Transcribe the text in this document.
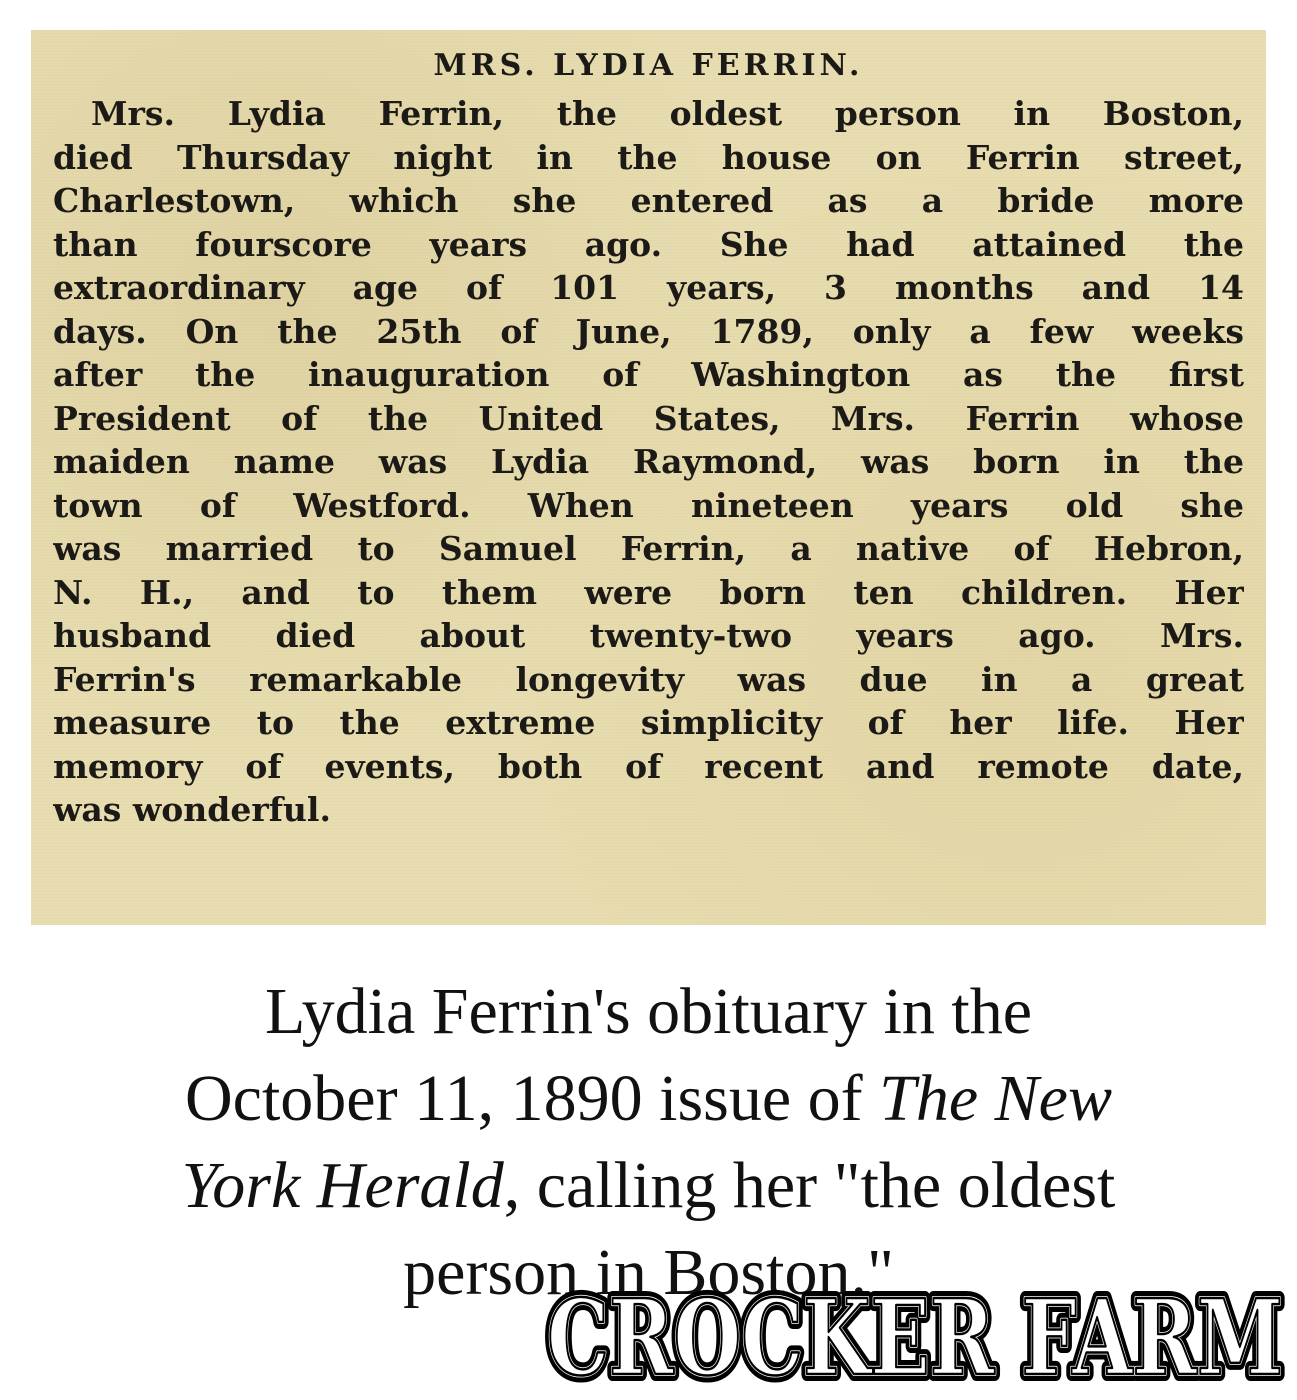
MRS. LYDIA FERRIN.
Mrs. Lydia Ferrin, the oldest person in Boston,
died Thursday night in the house on Ferrin street,
Charlestown, which she entered as a bride more
than fourscore years ago. She had attained the
extraordinary age of 101 years, 3 months and 14
days. On the 25th of June, 1789, only a few weeks
after the inauguration of Washington as the first
President of the United States, Mrs. Ferrin whose
maiden name was Lydia Raymond, was born in the
town of Westford. When nineteen years old she
was married to Samuel Ferrin, a native of Hebron,
N. H., and to them were born ten children. Her
husband died about twenty-two years ago. Mrs.
Ferrin's remarkable longevity was due in a great
measure to the extreme simplicity of her life. Her
memory of events, both of recent and remote date,
was wonderful.
Lydia Ferrin's obituary in the
October 11, 1890 issue of The New
York Herald, calling her "the oldest
person in Boston."
CROCKER FARM
CROCKER FARM
CROCKER FARM
